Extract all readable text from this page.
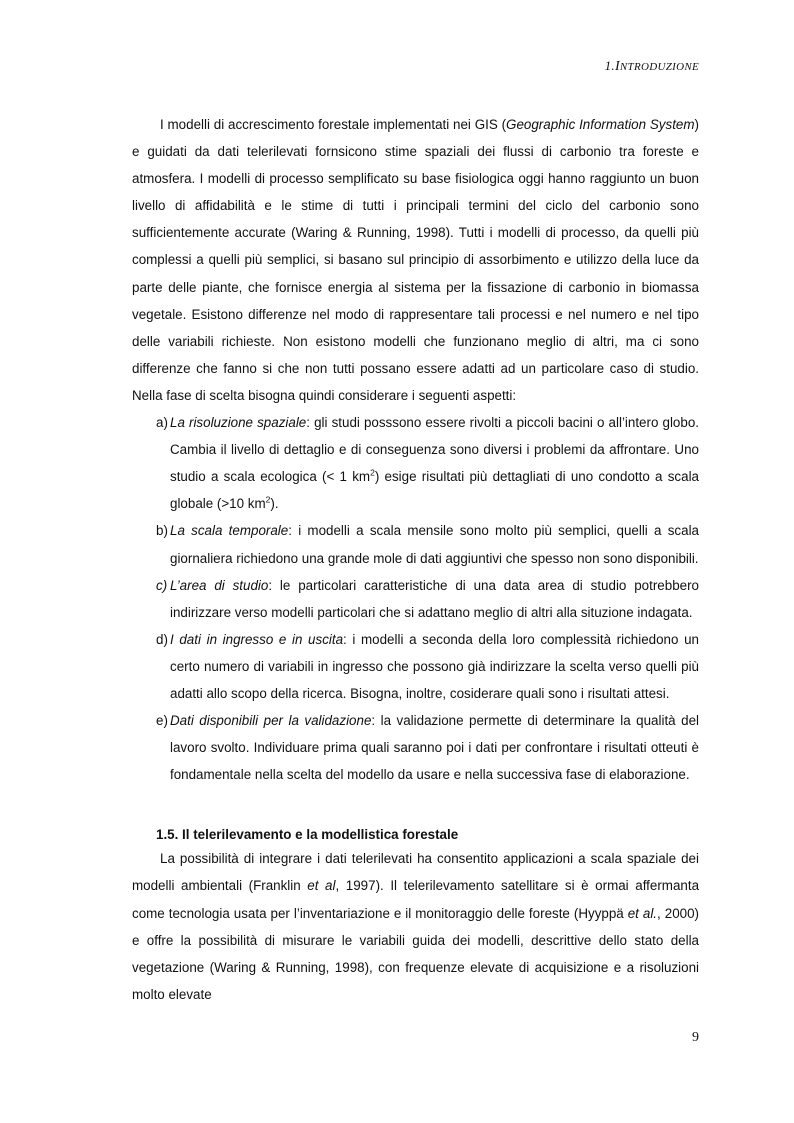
1.INTRODUZIONE

I modelli di accrescimento forestale implementati nei GIS (Geographic Information System) e guidati da dati telerilevati fornsicono stime spaziali dei flussi di carbonio tra foreste e atmosfera. I modelli di processo semplificato su base fisiologica oggi hanno raggiunto un buon livello di affidabilità e le stime di tutti i principali termini del ciclo del carbonio sono sufficientemente accurate (Waring & Running, 1998). Tutti i modelli di processo, da quelli più complessi a quelli più semplici, si basano sul principio di assorbimento e utilizzo della luce da parte delle piante, che fornisce energia al sistema per la fissazione di carbonio in biomassa vegetale. Esistono differenze nel modo di rappresentare tali processi e nel numero e nel tipo delle variabili richieste. Non esistono modelli che funzionano meglio di altri, ma ci sono differenze che fanno si che non tutti possano essere adatti ad un particolare caso di studio. Nella fase di scelta bisogna quindi considerare i seguenti aspetti:

a) La risoluzione spaziale: gli studi posssono essere rivolti a piccoli bacini o all’intero globo. Cambia il livello di dettaglio e di conseguenza sono diversi i problemi da affrontare. Uno studio a scala ecologica (< 1 $km^2$) esige risultati più dettagliati di uno condotto a scala globale (>10 $km^2$).
b) La scala temporale: i modelli a scala mensile sono molto più semplici, quelli a scala giornaliera richiedono una grande mole di dati aggiuntivi che spesso non sono disponibili.
c) L’area di studio: le particolari caratteristiche di una data area di studio potrebbero indirizzare verso modelli particolari che si adattano meglio di altri alla situzione indagata.
d) I dati in ingresso e in uscita: i modelli a seconda della loro complessità richiedono un certo numero di variabili in ingresso che possono già indirizzare la scelta verso quelli più adatti allo scopo della ricerca. Bisogna, inoltre, cosiderare quali sono i risultati attesi.
e) Dati disponibili per la validazione: la validazione permette di determinare la qualità del lavoro svolto. Individuare prima quali saranno poi i dati per confrontare i risultati otteuti è fondamentale nella scelta del modello da usare e nella successiva fase di elaborazione.
1.5. Il telerilevamento e la modellistica forestale

La possibilità di integrare i dati telerilevati ha consentito applicazioni a scala spaziale dei modelli ambientali (Franklin et al, 1997). Il telerilevamento satellitare si è ormai affermanta come tecnologia usata per l’inventariazione e il monitoraggio delle foreste (Hyyppä et al., 2000) e offre la possibilità di misurare le variabili guida dei modelli, descrittive dello stato della vegetazione (Waring & Running, 1998), con frequenze elevate di acquisizione e a risoluzioni molto elevate

9
